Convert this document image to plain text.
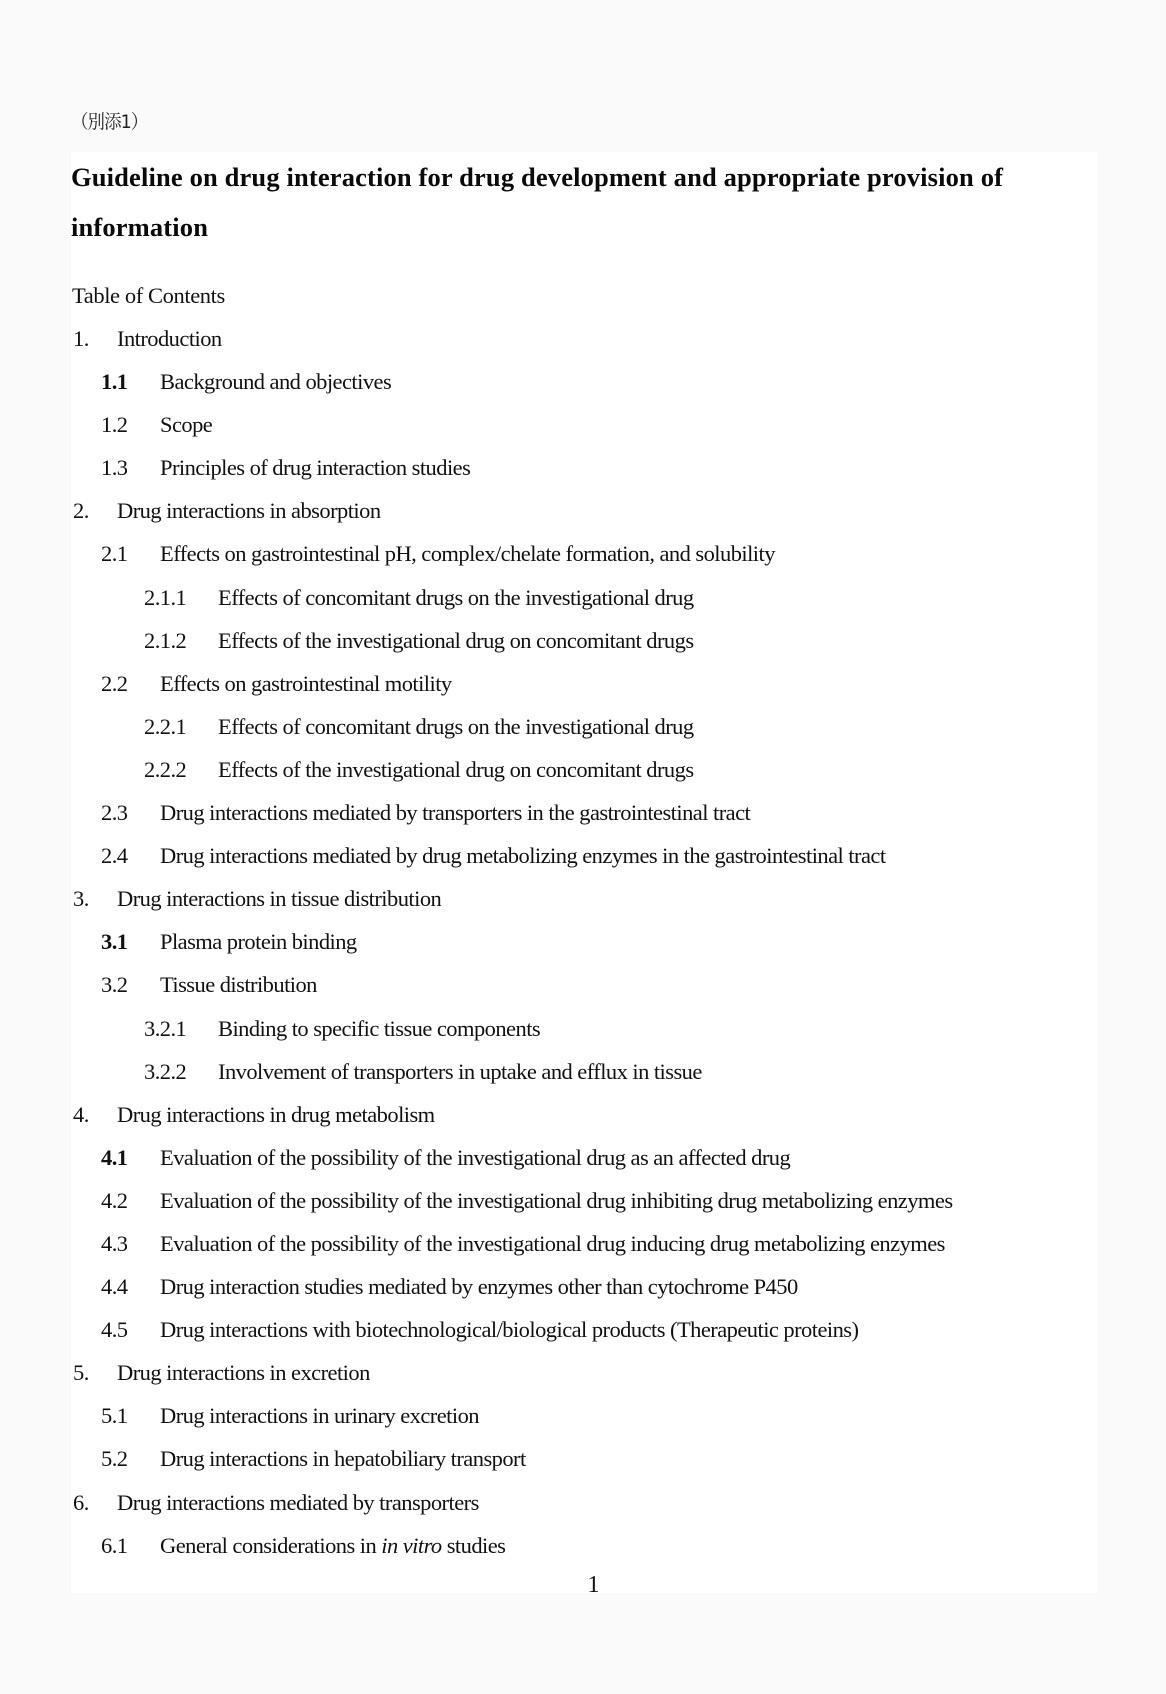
（別添1）
Guideline on drug interaction for drug development and appropriate provision of information
Table of Contents
1. Introduction
1.1 Background and objectives
1.2 Scope
1.3 Principles of drug interaction studies
2. Drug interactions in absorption
2.1 Effects on gastrointestinal pH, complex/chelate formation, and solubility
2.1.1 Effects of concomitant drugs on the investigational drug
2.1.2 Effects of the investigational drug on concomitant drugs
2.2 Effects on gastrointestinal motility
2.2.1 Effects of concomitant drugs on the investigational drug
2.2.2 Effects of the investigational drug on concomitant drugs
2.3 Drug interactions mediated by transporters in the gastrointestinal tract
2.4 Drug interactions mediated by drug metabolizing enzymes in the gastrointestinal tract
3. Drug interactions in tissue distribution
3.1 Plasma protein binding
3.2 Tissue distribution
3.2.1 Binding to specific tissue components
3.2.2 Involvement of transporters in uptake and efflux in tissue
4. Drug interactions in drug metabolism
4.1 Evaluation of the possibility of the investigational drug as an affected drug
4.2 Evaluation of the possibility of the investigational drug inhibiting drug metabolizing enzymes
4.3 Evaluation of the possibility of the investigational drug inducing drug metabolizing enzymes
4.4 Drug interaction studies mediated by enzymes other than cytochrome P450
4.5 Drug interactions with biotechnological/biological products (Therapeutic proteins)
5. Drug interactions in excretion
5.1 Drug interactions in urinary excretion
5.2 Drug interactions in hepatobiliary transport
6. Drug interactions mediated by transporters
6.1 General considerations in in vitro studies
1
